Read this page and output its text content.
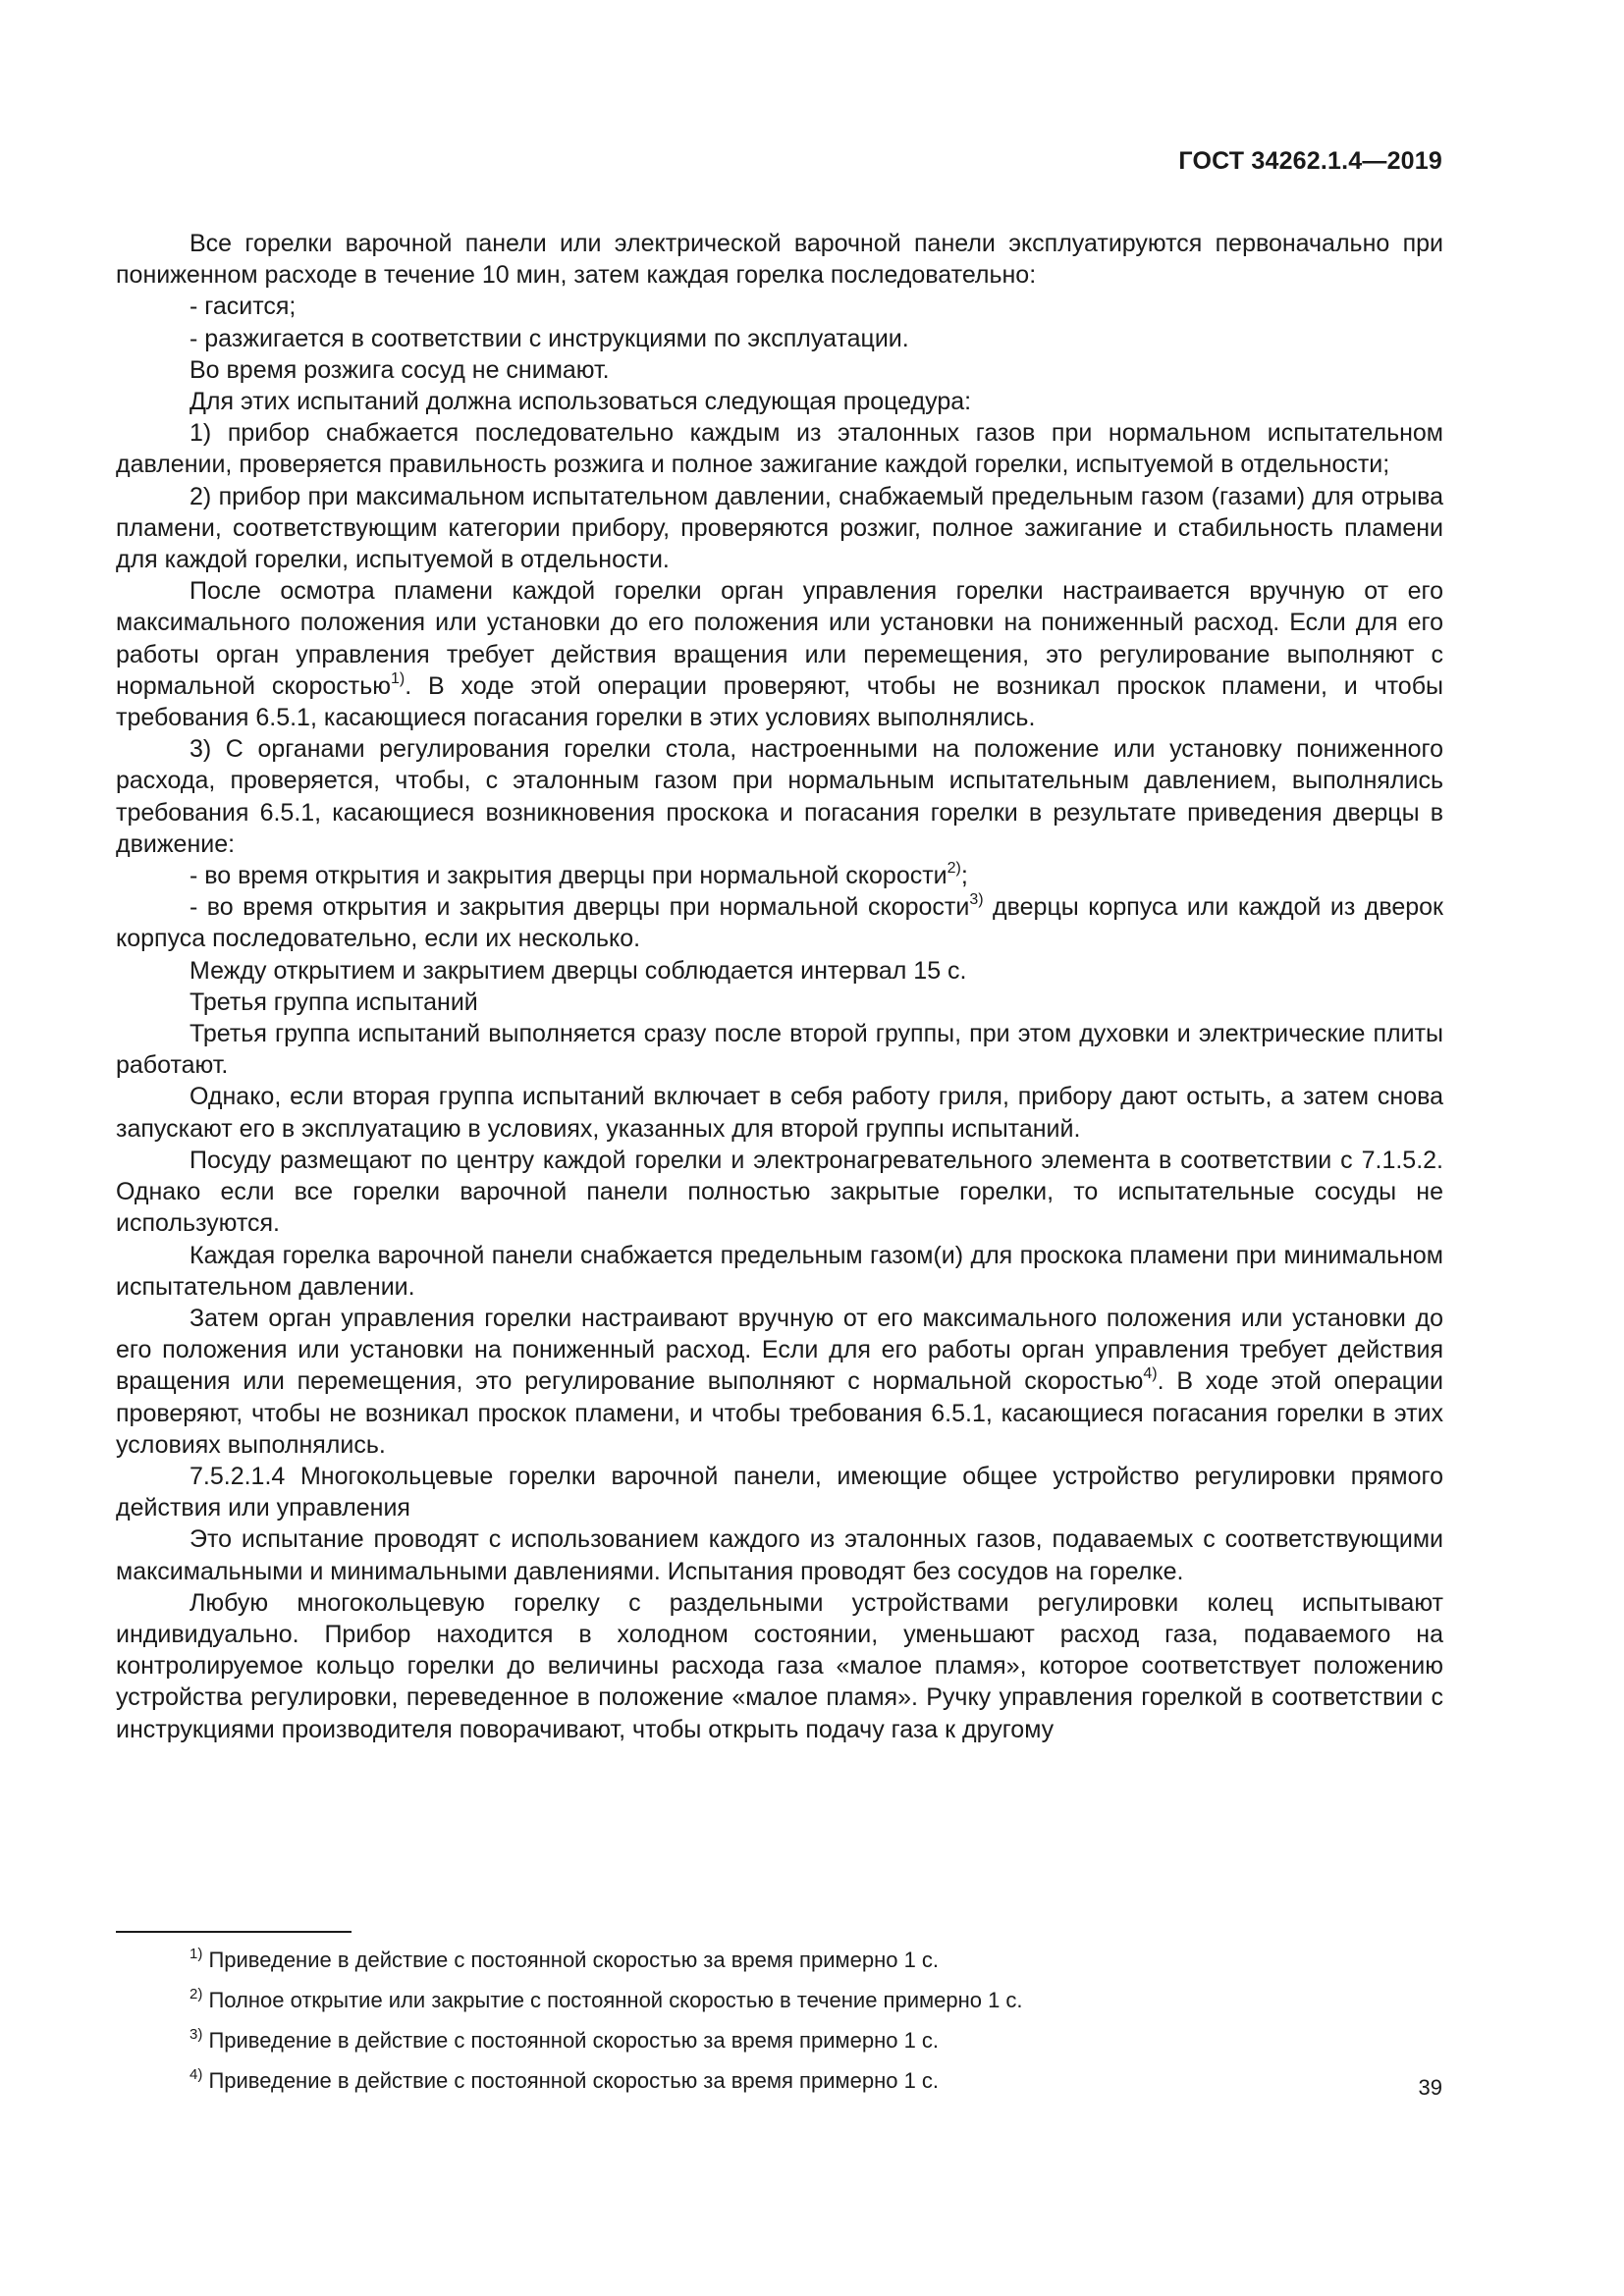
ГОСТ 34262.1.4—2019

Все горелки варочной панели или электрической варочной панели эксплуатируются первоначально при пониженном расходе в течение 10 мин, затем каждая горелка последовательно:

- гасится;

- разжигается в соответствии с инструкциями по эксплуатации.

Во время розжига сосуд не снимают.

Для этих испытаний должна использоваться следующая процедура:

1) прибор снабжается последовательно каждым из эталонных газов при нормальном испытательном давлении, проверяется правильность розжига и полное зажигание каждой горелки, испытуемой в отдельности;

2) прибор при максимальном испытательном давлении, снабжаемый предельным газом (газами) для отрыва пламени, соответствующим категории прибору, проверяются розжиг, полное зажигание и стабильность пламени для каждой горелки, испытуемой в отдельности.

После осмотра пламени каждой горелки орган управления горелки настраивается вручную от его максимального положения или установки до его положения или установки на пониженный расход. Если для его работы орган управления требует действия вращения или перемещения, это регулирование выполняют с нормальной скоростью$^{1)}$. В ходе этой операции проверяют, чтобы не возникал проскок пламени, и чтобы требования 6.5.1, касающиеся погасания горелки в этих условиях выполнялись.

3) С органами регулирования горелки стола, настроенными на положение или установку пониженного расхода, проверяется, чтобы, с эталонным газом при нормальным испытательным давлением, выполнялись требования 6.5.1, касающиеся возникновения проскока и погасания горелки в результате приведения дверцы в движение:

- во время открытия и закрытия дверцы при нормальной скорости$^{2)}$;

- во время открытия и закрытия дверцы при нормальной скорости$^{3)}$ дверцы корпуса или каждой из дверок корпуса последовательно, если их несколько.

Между открытием и закрытием дверцы соблюдается интервал 15 с.

Третья группа испытаний

Третья группа испытаний выполняется сразу после второй группы, при этом духовки и электрические плиты работают.

Однако, если вторая группа испытаний включает в себя работу гриля, прибору дают остыть, а затем снова запускают его в эксплуатацию в условиях, указанных для второй группы испытаний.

Посуду размещают по центру каждой горелки и электронагревательного элемента в соответствии с 7.1.5.2. Однако если все горелки варочной панели полностью закрытые горелки, то испытательные сосуды не используются.

Каждая горелка варочной панели снабжается предельным газом(и) для проскока пламени при минимальном испытательном давлении.

Затем орган управления горелки настраивают вручную от его максимального положения или установки до его положения или установки на пониженный расход. Если для его работы орган управления требует действия вращения или перемещения, это регулирование выполняют с нормальной скоростью$^{4)}$. В ходе этой операции проверяют, чтобы не возникал проскок пламени, и чтобы требования 6.5.1, касающиеся погасания горелки в этих условиях выполнялись.

7.5.2.1.4 Многокольцевые горелки варочной панели, имеющие общее устройство регулировки прямого действия или управления

Это испытание проводят с использованием каждого из эталонных газов, подаваемых с соответствующими максимальными и минимальными давлениями. Испытания проводят без сосудов на горелке.

Любую многокольцевую горелку с раздельными устройствами регулировки колец испытывают индивидуально. Прибор находится в холодном состоянии, уменьшают расход газа, подаваемого на контролируемое кольцо горелки до величины расхода газа «малое пламя», которое соответствует положению устройства регулировки, переведенное в положение «малое пламя». Ручку управления горелкой в соответствии с инструкциями производителя поворачивают, чтобы открыть подачу газа к другому

$^{1)}$ Приведение в действие с постоянной скоростью за время примерно 1 с.

$^{2)}$ Полное открытие или закрытие с постоянной скоростью в течение примерно 1 с.

$^{3)}$ Приведение в действие с постоянной скоростью за время примерно 1 с.

$^{4)}$ Приведение в действие с постоянной скоростью за время примерно 1 с.	39
